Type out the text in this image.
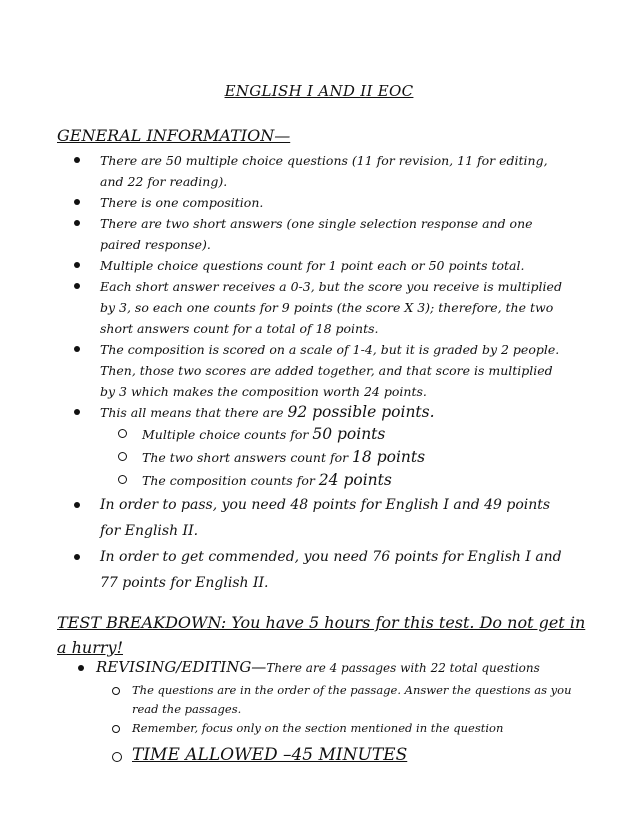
ENGLISH I AND II EOC
GENERAL INFORMATION—
There are 50 multiple choice questions (11 for revision, 11 for editing, and 22 for reading).
There is one composition.
There are two short answers (one single selection response and one paired response).
Multiple choice questions count for 1 point each or 50 points total.
Each short answer receives a 0-3, but the score you receive is multiplied by 3, so each one counts for 9 points (the score X 3); therefore, the two short answers count for a total of 18 points.
The composition is scored on a scale of 1-4, but it is graded by 2 people. Then, those two scores are added together, and that score is multiplied by 3 which makes the composition worth 24 points.
This all means that there are 92 possible points.
Multiple choice counts for 50 points
The two short answers count for 18 points
The composition counts for 24 points
In order to pass, you need 48 points for English I and 49 points for English II.
In order to get commended, you need 76 points for English I and 77 points for English II.
TEST BREAKDOWN: You have 5 hours for this test. Do not get in a hurry!
REVISING/EDITING—There are 4 passages with 22 total questions
The questions are in the order of the passage. Answer the questions as you read the passages.
Remember, focus only on the section mentioned in the question
TIME ALLOWED –45 MINUTES
